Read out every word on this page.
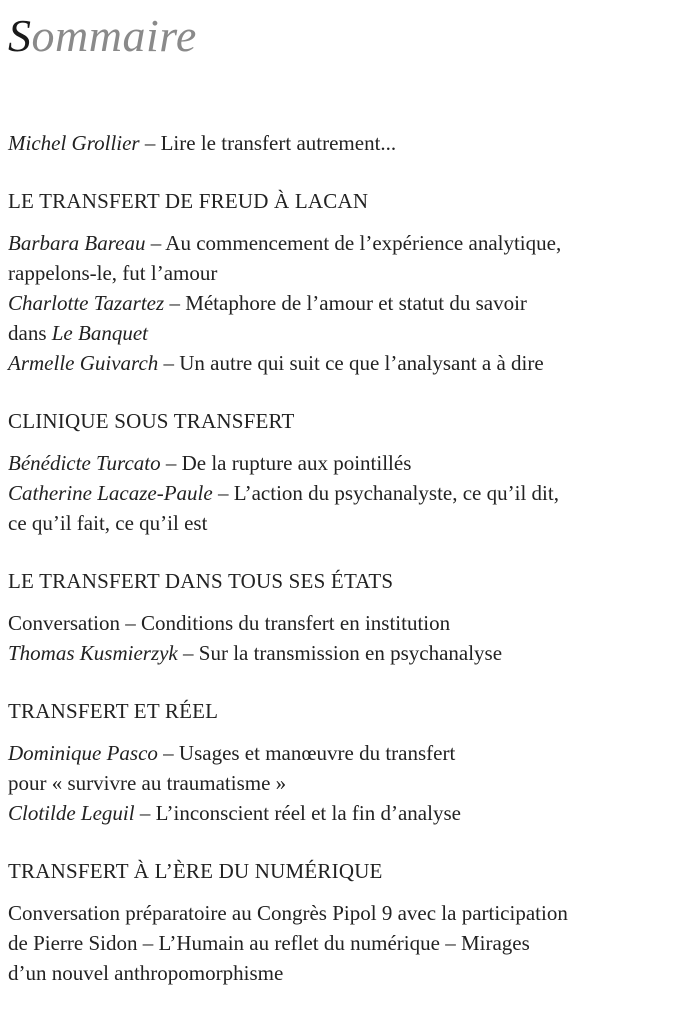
Sommaire

Michel Grollier – Lire le transfert autrement...

LE TRANSFERT DE FREUD À LACAN

Barbara Bareau – Au commencement de l’expérience analytique,

rappelons-le, fut l’amour

Charlotte Tazartez – Métaphore de l’amour et statut du savoir

dans Le Banquet

Armelle Guivarch – Un autre qui suit ce que l’analysant a à dire

CLINIQUE SOUS TRANSFERT

Bénédicte Turcato – De la rupture aux pointillés

Catherine Lacaze-Paule – L’action du psychanalyste, ce qu’il dit,

ce qu’il fait, ce qu’il est

LE TRANSFERT DANS TOUS SES ÉTATS

Conversation – Conditions du transfert en institution

Thomas Kusmierzyk – Sur la transmission en psychanalyse

TRANSFERT ET RÉEL

Dominique Pasco – Usages et manœuvre du transfert

pour « survivre au traumatisme »

Clotilde Leguil – L’inconscient réel et la fin d’analyse

TRANSFERT À L’ÈRE DU NUMÉRIQUE

Conversation préparatoire au Congrès Pipol 9 avec la participation

de Pierre Sidon – L’Humain au reflet du numérique – Mirages

d’un nouvel anthropomorphisme
